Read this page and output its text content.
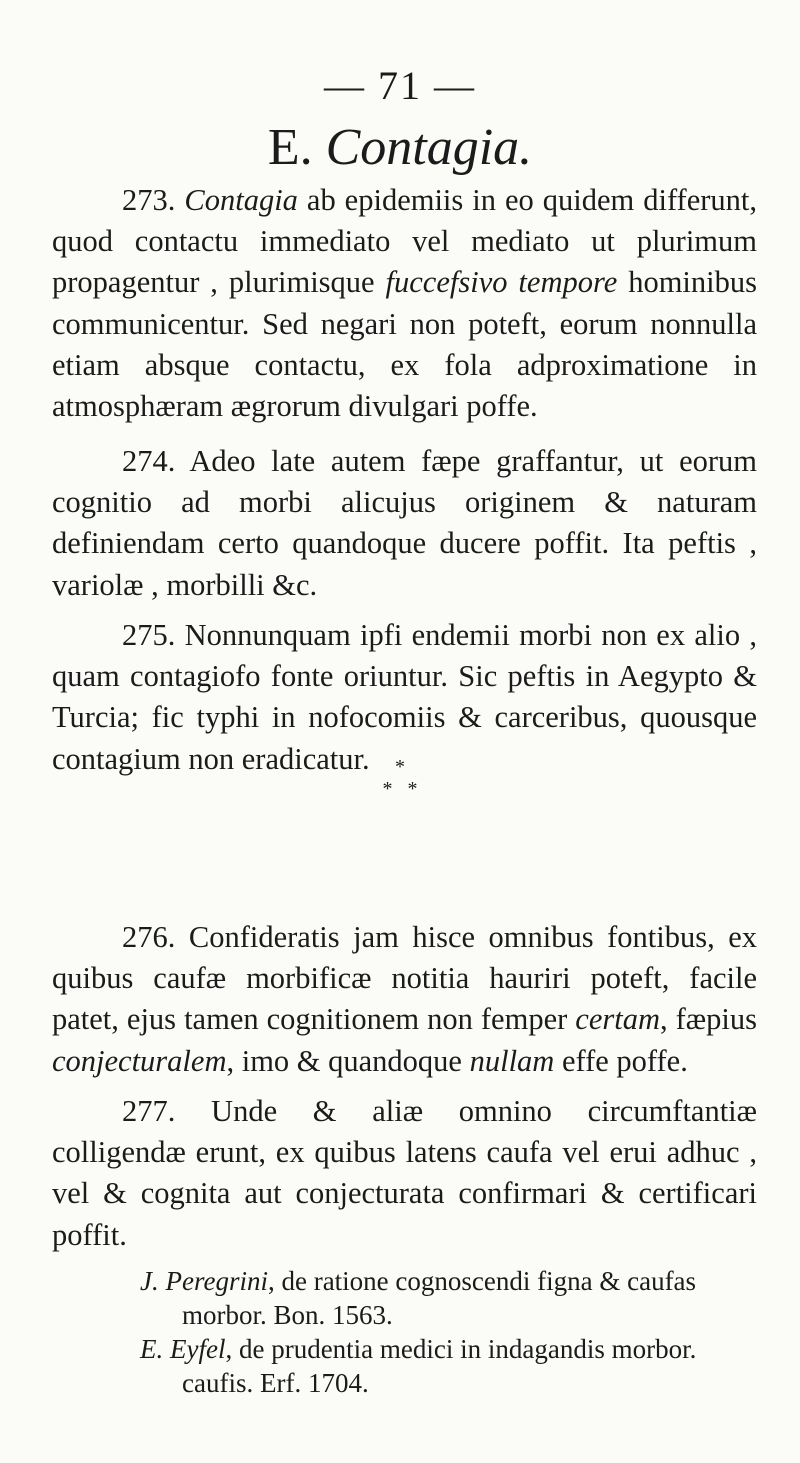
— 71 —
E. Contagia.
273. Contagia ab epidemiis in eo quidem differunt, quod contactu immediato vel mediato ut plurimum propagentur , plurimisque fuccefsivo tempore hominibus communicentur. Sed negari non poteft, eorum nonnulla etiam absque contactu, ex fola adproximatione in atmosphæram ægrorum divulgari poffe.
274. Adeo late autem fæpe graffantur, ut eorum cognitio ad morbi alicujus originem & naturam definiendam certo quandoque ducere poffit. Ita peftis , variolæ , morbilli &c.
275. Nonnunquam ipfi endemii morbi non ex alio , quam contagiofo fonte oriuntur. Sic peftis in Aegypto & Turcia; fic typhi in nofocomiis & carceribus, quousque contagium non eradicatur.	*
*   *
276. Confideratis jam hisce omnibus fontibus, ex quibus caufæ morbificæ notitia hauriri poteft, facile patet, ejus tamen cognitionem non femper certam, fæpius conjecturalem, imo & quandoque nullam effe poffe.
277. Unde & aliæ omnino circumftantiæ colligendæ erunt, ex quibus latens caufa vel erui adhuc , vel & cognita aut conjecturata confirmari & certificari poffit.
J. Peregrini, de ratione cognoscendi figna & caufas
morbor. Bon. 1563.
E. Eyfel, de prudentia medici in indagandis morbor.
caufis. Erf. 1704.
